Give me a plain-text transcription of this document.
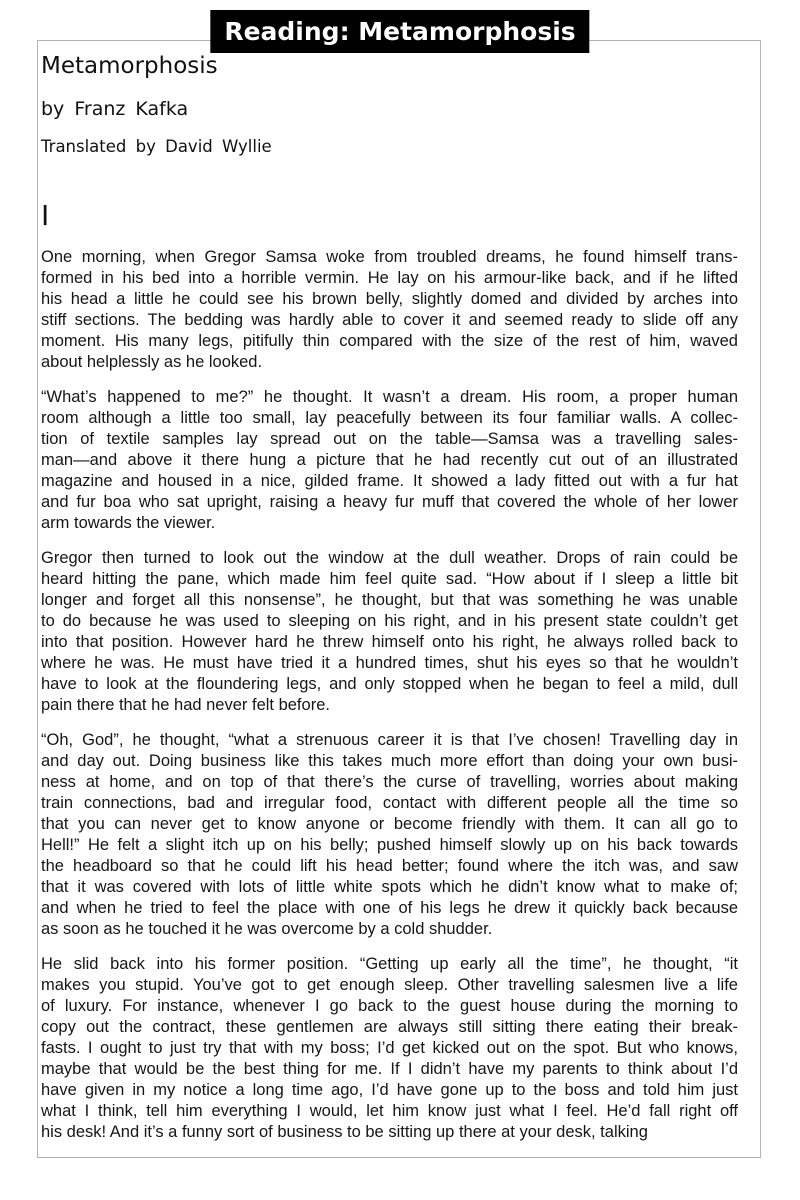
Reading: Metamorphosis
Metamorphosis
by Franz Kafka
Translated by David Wyllie
I
One morning, when Gregor Samsa woke from troubled dreams, he found himself trans-
formed in his bed into a horrible vermin. He lay on his armour-like back, and if he lifted
his head a little he could see his brown belly, slightly domed and divided by arches into
stiff sections. The bedding was hardly able to cover it and seemed ready to slide off any
moment. His many legs, pitifully thin compared with the size of the rest of him, waved
about helplessly as he looked.
“What’s happened to me?” he thought. It wasn’t a dream. His room, a proper human
room although a little too small, lay peacefully between its four familiar walls. A collec-
tion of textile samples lay spread out on the table—Samsa was a travelling sales-
man—and above it there hung a picture that he had recently cut out of an illustrated
magazine and housed in a nice, gilded frame. It showed a lady fitted out with a fur hat
and fur boa who sat upright, raising a heavy fur muff that covered the whole of her lower
arm towards the viewer.
Gregor then turned to look out the window at the dull weather. Drops of rain could be
heard hitting the pane, which made him feel quite sad. “How about if I sleep a little bit
longer and forget all this nonsense”, he thought, but that was something he was unable
to do because he was used to sleeping on his right, and in his present state couldn’t get
into that position. However hard he threw himself onto his right, he always rolled back to
where he was. He must have tried it a hundred times, shut his eyes so that he wouldn’t
have to look at the floundering legs, and only stopped when he began to feel a mild, dull
pain there that he had never felt before.
“Oh, God”, he thought, “what a strenuous career it is that I’ve chosen! Travelling day in
and day out. Doing business like this takes much more effort than doing your own busi-
ness at home, and on top of that there’s the curse of travelling, worries about making
train connections, bad and irregular food, contact with different people all the time so
that you can never get to know anyone or become friendly with them. It can all go to
Hell!” He felt a slight itch up on his belly; pushed himself slowly up on his back towards
the headboard so that he could lift his head better; found where the itch was, and saw
that it was covered with lots of little white spots which he didn’t know what to make of;
and when he tried to feel the place with one of his legs he drew it quickly back because
as soon as he touched it he was overcome by a cold shudder.
He slid back into his former position. “Getting up early all the time”, he thought, “it
makes you stupid. You’ve got to get enough sleep. Other travelling salesmen live a life
of luxury. For instance, whenever I go back to the guest house during the morning to
copy out the contract, these gentlemen are always still sitting there eating their break-
fasts. I ought to just try that with my boss; I’d get kicked out on the spot. But who knows,
maybe that would be the best thing for me. If I didn’t have my parents to think about I’d
have given in my notice a long time ago, I’d have gone up to the boss and told him just
what I think, tell him everything I would, let him know just what I feel. He’d fall right off
his desk! And it’s a funny sort of business to be sitting up there at your desk, talking
